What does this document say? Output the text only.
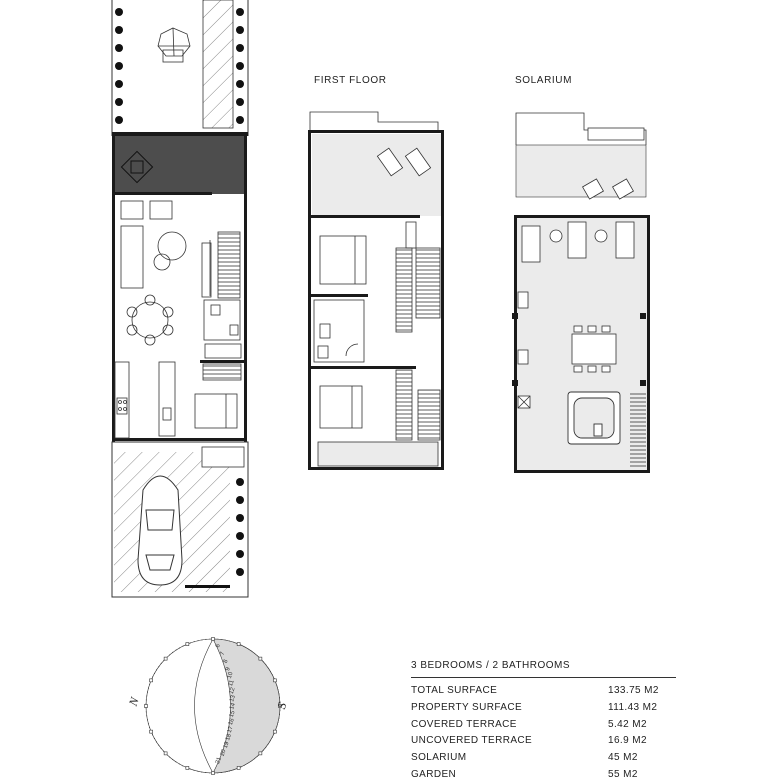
6
7
8
9
10
11
12
13
14
15
16
17
18
19
20
21
FIRST FLOOR	SOLARIUM
N	S
3 BEDROOMS / 2 BATHROOMS
TOTAL SURFACE	133.75 M2
PROPERTY SURFACE	111.43 M2
COVERED TERRACE	5.42 M2
UNCOVERED TERRACE	16.9 M2
SOLARIUM	45 M2
GARDEN	55 M2
